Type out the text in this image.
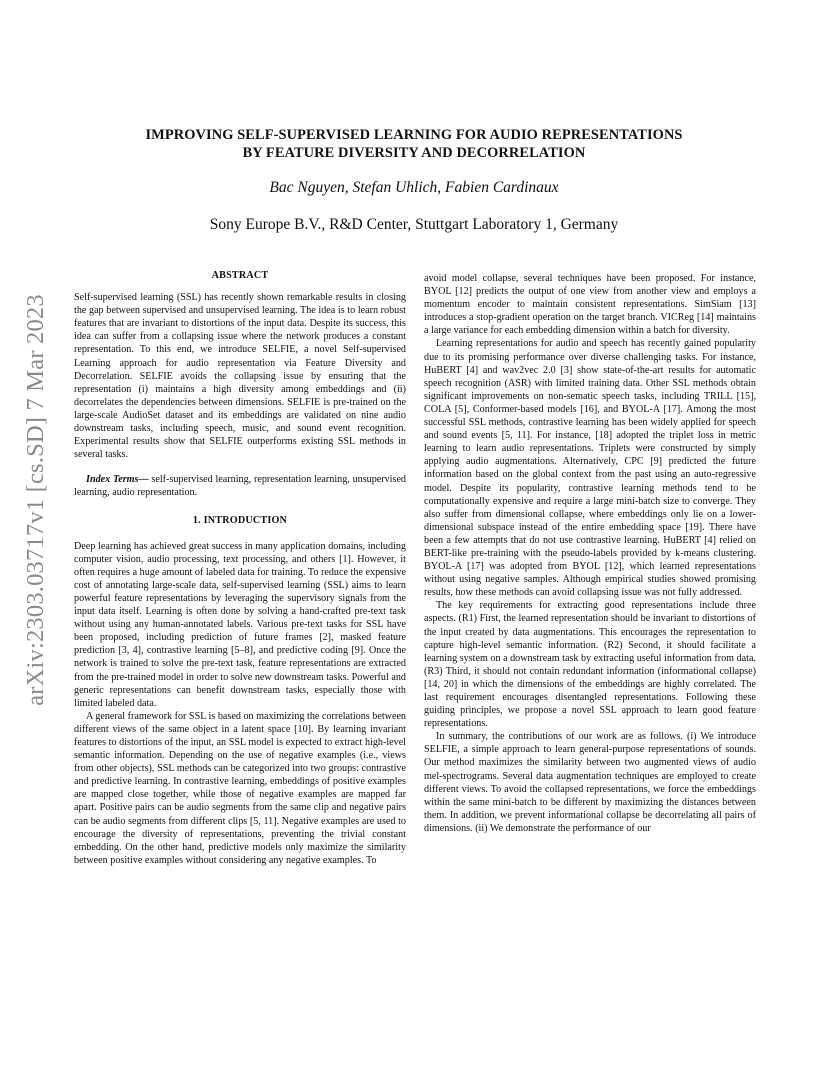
arXiv:2303.03717v1 [cs.SD] 7 Mar 2023
IMPROVING SELF-SUPERVISED LEARNING FOR AUDIO REPRESENTATIONS
BY FEATURE DIVERSITY AND DECORRELATION

Bac Nguyen, Stefan Uhlich, Fabien Cardinaux

Sony Europe B.V., R&D Center, Stuttgart Laboratory 1, Germany

ABSTRACT

Self-supervised learning (SSL) has recently shown remarkable results in closing the gap between supervised and unsupervised learning. The idea is to learn robust features that are invariant to distortions of the input data. Despite its success, this idea can suffer from a collapsing issue where the network produces a constant representation. To this end, we introduce SELFIE, a novel Self-supervised Learning approach for audio representation via Feature Diversity and Decorrelation. SELFIE avoids the collapsing issue by ensuring that the representation (i) maintains a high diversity among embeddings and (ii) decorrelates the dependencies between dimensions. SELFIE is pre-trained on the large-scale AudioSet dataset and its embeddings are validated on nine audio downstream tasks, including speech, music, and sound event recognition. Experimental results show that SELFIE outperforms existing SSL methods in several tasks.

Index Terms— self-supervised learning, representation learning, unsupervised learning, audio representation.

1. INTRODUCTION

Deep learning has achieved great success in many application domains, including computer vision, audio processing, text processing, and others [1]. However, it often requires a huge amount of labeled data for training. To reduce the expensive cost of annotating large-scale data, self-supervised learning (SSL) aims to learn powerful feature representations by leveraging the supervisory signals from the input data itself. Learning is often done by solving a hand-crafted pre-text task without using any human-annotated labels. Various pre-text tasks for SSL have been proposed, including prediction of future frames [2], masked feature prediction [3, 4], contrastive learning [5–8], and predictive coding [9]. Once the network is trained to solve the pre-text task, feature representations are extracted from the pre-trained model in order to solve new downstream tasks. Powerful and generic representations can benefit downstream tasks, especially those with limited labeled data.

A general framework for SSL is based on maximizing the correlations between different views of the same object in a latent space [10]. By learning invariant features to distortions of the input, an SSL model is expected to extract high-level semantic information. Depending on the use of negative examples (i.e., views from other objects), SSL methods can be categorized into two groups: contrastive and predictive learning. In contrastive learning, embeddings of positive examples are mapped close together, while those of negative examples are mapped far apart. Positive pairs can be audio segments from the same clip and negative pairs can be audio segments from different clips [5, 11]. Negative examples are used to encourage the diversity of representations, preventing the trivial constant embedding. On the other hand, predictive models only maximize the similarity between positive examples without considering any negative examples. To

avoid model collapse, several techniques have been proposed. For instance, BYOL [12] predicts the output of one view from another view and employs a momentum encoder to maintain consistent representations. SimSiam [13] introduces a stop-gradient operation on the target branch. VICReg [14] maintains a large variance for each embedding dimension within a batch for diversity.

Learning representations for audio and speech has recently gained popularity due to its promising performance over diverse challenging tasks. For instance, HuBERT [4] and wav2vec 2.0 [3] show state-of-the-art results for automatic speech recognition (ASR) with limited training data. Other SSL methods obtain significant improvements on non-sematic speech tasks, including TRILL [15], COLA [5], Conformer-based models [16], and BYOL-A [17]. Among the most successful SSL methods, contrastive learning has been widely applied for speech and sound events [5, 11]. For instance, [18] adopted the triplet loss in metric learning to learn audio representations. Triplets were constructed by simply applying audio augmentations. Alternatively, CPC [9] predicted the future information based on the global context from the past using an auto-regressive model. Despite its popularity, contrastive learning methods tend to be computationally expensive and require a large mini-batch size to converge. They also suffer from dimensional collapse, where embeddings only lie on a lower-dimensional subspace instead of the entire embedding space [19]. There have been a few attempts that do not use contrastive learning. HuBERT [4] relied on BERT-like pre-training with the pseudo-labels provided by k-means clustering. BYOL-A [17] was adopted from BYOL [12], which learned representations without using negative samples. Although empirical studies showed promising results, how these methods can avoid collapsing issue was not fully addressed.

The key requirements for extracting good representations include three aspects. (R1) First, the learned representation should be invariant to distortions of the input created by data augmentations. This encourages the representation to capture high-level semantic information. (R2) Second, it should facilitate a learning system on a downstream task by extracting useful information from data. (R3) Third, it should not contain redundant information (informational collapse) [14, 20] in which the dimensions of the embeddings are highly correlated. The last requirement encourages disentangled representations. Following these guiding principles, we propose a novel SSL approach to learn good feature representations.

In summary, the contributions of our work are as follows. (i) We introduce SELFIE, a simple approach to learn general-purpose representations of sounds. Our method maximizes the similarity between two augmented views of audio mel-spectrograms. Several data augmentation techniques are employed to create different views. To avoid the collapsed representations, we force the embeddings within the same mini-batch to be different by maximizing the distances between them. In addition, we prevent informational collapse be decorrelating all pairs of dimensions. (ii) We demonstrate the performance of our
